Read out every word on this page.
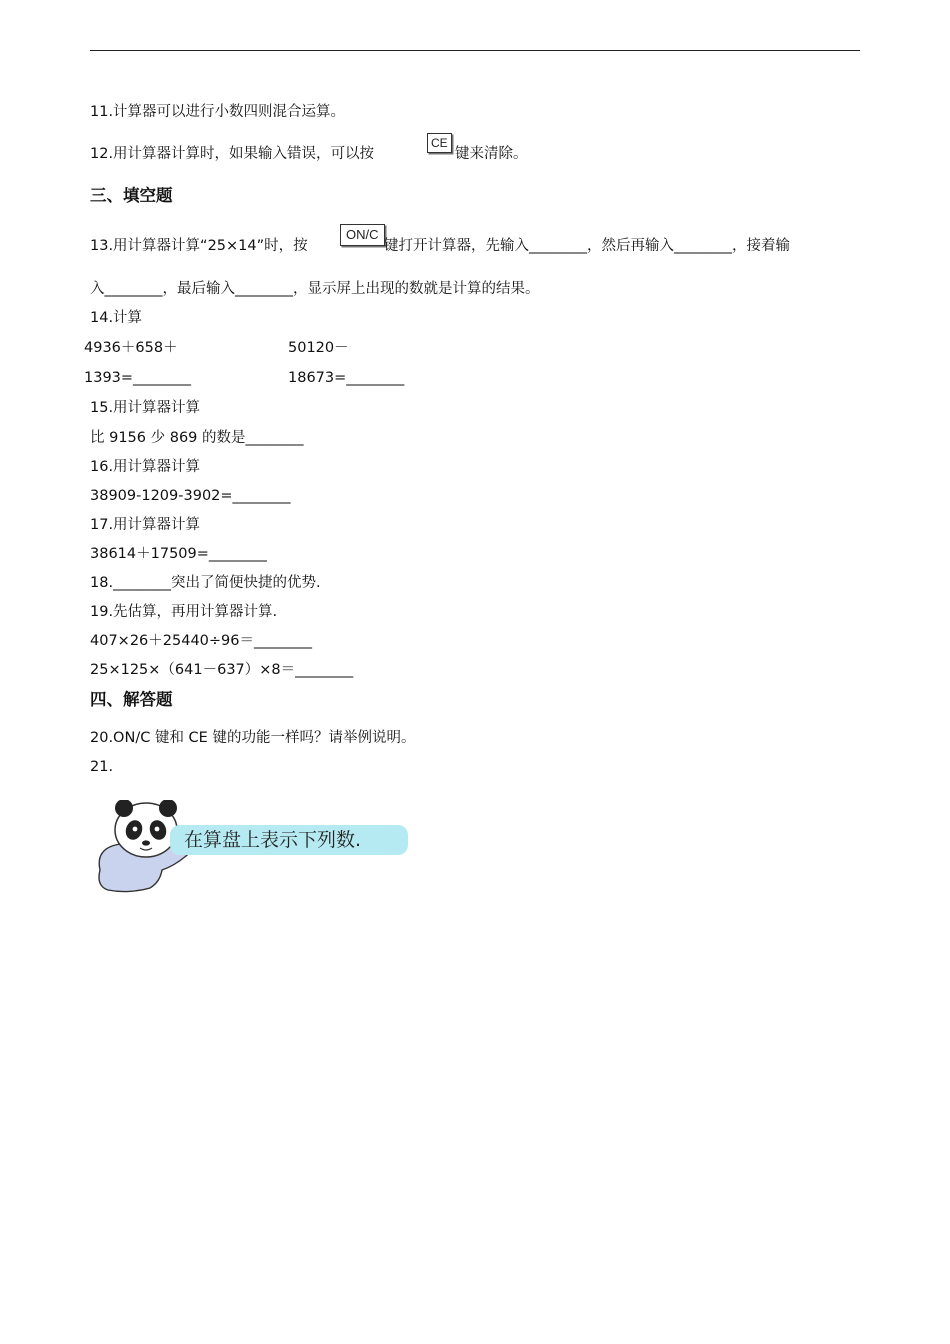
11.计算器可以进行小数四则混合运算。
12.用计算器计算时，如果输入错误，可以按
CE
键来清除。
三、填空题
13.用计算器计算“25×14”时，按
ON/C
键打开计算器，先输入________，然后再输入________，接着输
入________，最后输入________，显示屏上出现的数就是计算的结果。
14.计算
4936＋658＋
1393=________
50120－
18673=________
15.用计算器计算
比 9156 少 869 的数是________
16.用计算器计算
38909-1209-3902=________
17.用计算器计算
38614＋17509=________
18.________突出了简便快捷的优势.
19.先估算，再用计算器计算.
407×26＋25440÷96＝________
25×125×（641－637）×8＝________
四、解答题
20.ON/C 键和 CE 键的功能一样吗？请举例说明。
21.
在算盘上表示下列数.
